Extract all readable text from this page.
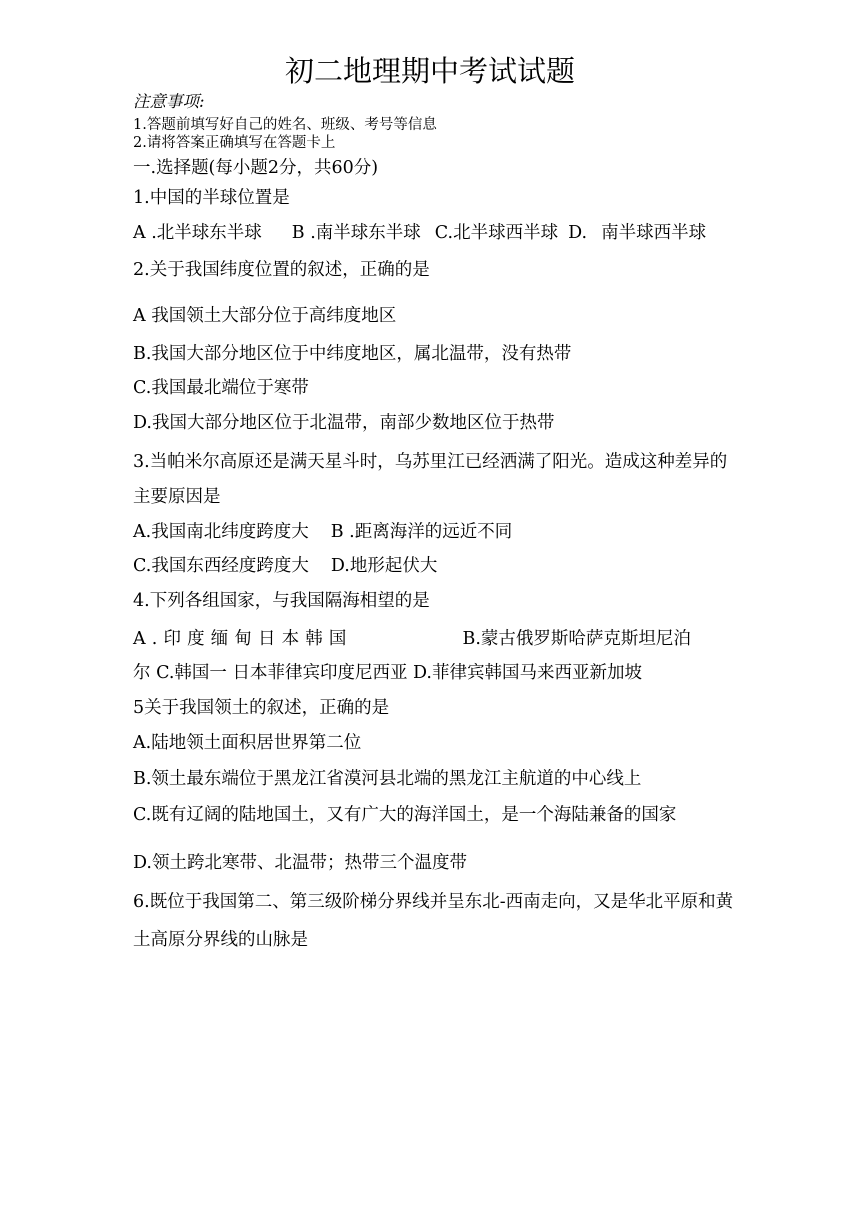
初二地理期中考试试题
注意事项:
1.答题前填写好自己的姓名、班级、考号等信息
2.请将答案正确填写在答题卡上
一.选择题(每小题2分，共60分)
1.中国的半球位置是
A .北半球东半球 B .南半球东半球 C.北半球西半球 D. 南半球西半球
2.关于我国纬度位置的叙述，正确的是
A 我国领土大部分位于高纬度地区
B.我国大部分地区位于中纬度地区，属北温带，没有热带
C.我国最北端位于寒带
D.我国大部分地区位于北温带，南部少数地区位于热带
3.当帕米尔高原还是满天星斗时，乌苏里江已经洒满了阳光。造成这种差异的
主要原因是
A.我国南北纬度跨度大 B .距离海洋的远近不同
C.我国东西经度跨度大 D.地形起伏大
4.下列各组国家，与我国隔海相望的是
A.印度缅甸日本韩国	B.蒙古俄罗斯哈萨克斯坦尼泊
尔 C.韩国一 日本菲律宾印度尼西亚 D.菲律宾韩国马来西亚新加坡
5关于我国领土的叙述，正确的是
A.陆地领土面积居世界第二位
B.领土最东端位于黑龙江省漠河县北端的黑龙江主航道的中心线上
C.既有辽阔的陆地国土，又有广大的海洋国土，是一个海陆兼备的国家
D.领土跨北寒带、北温带；热带三个温度带
6.既位于我国第二、第三级阶梯分界线并呈东北-西南走向，又是华北平原和黄
土高原分界线的山脉是
